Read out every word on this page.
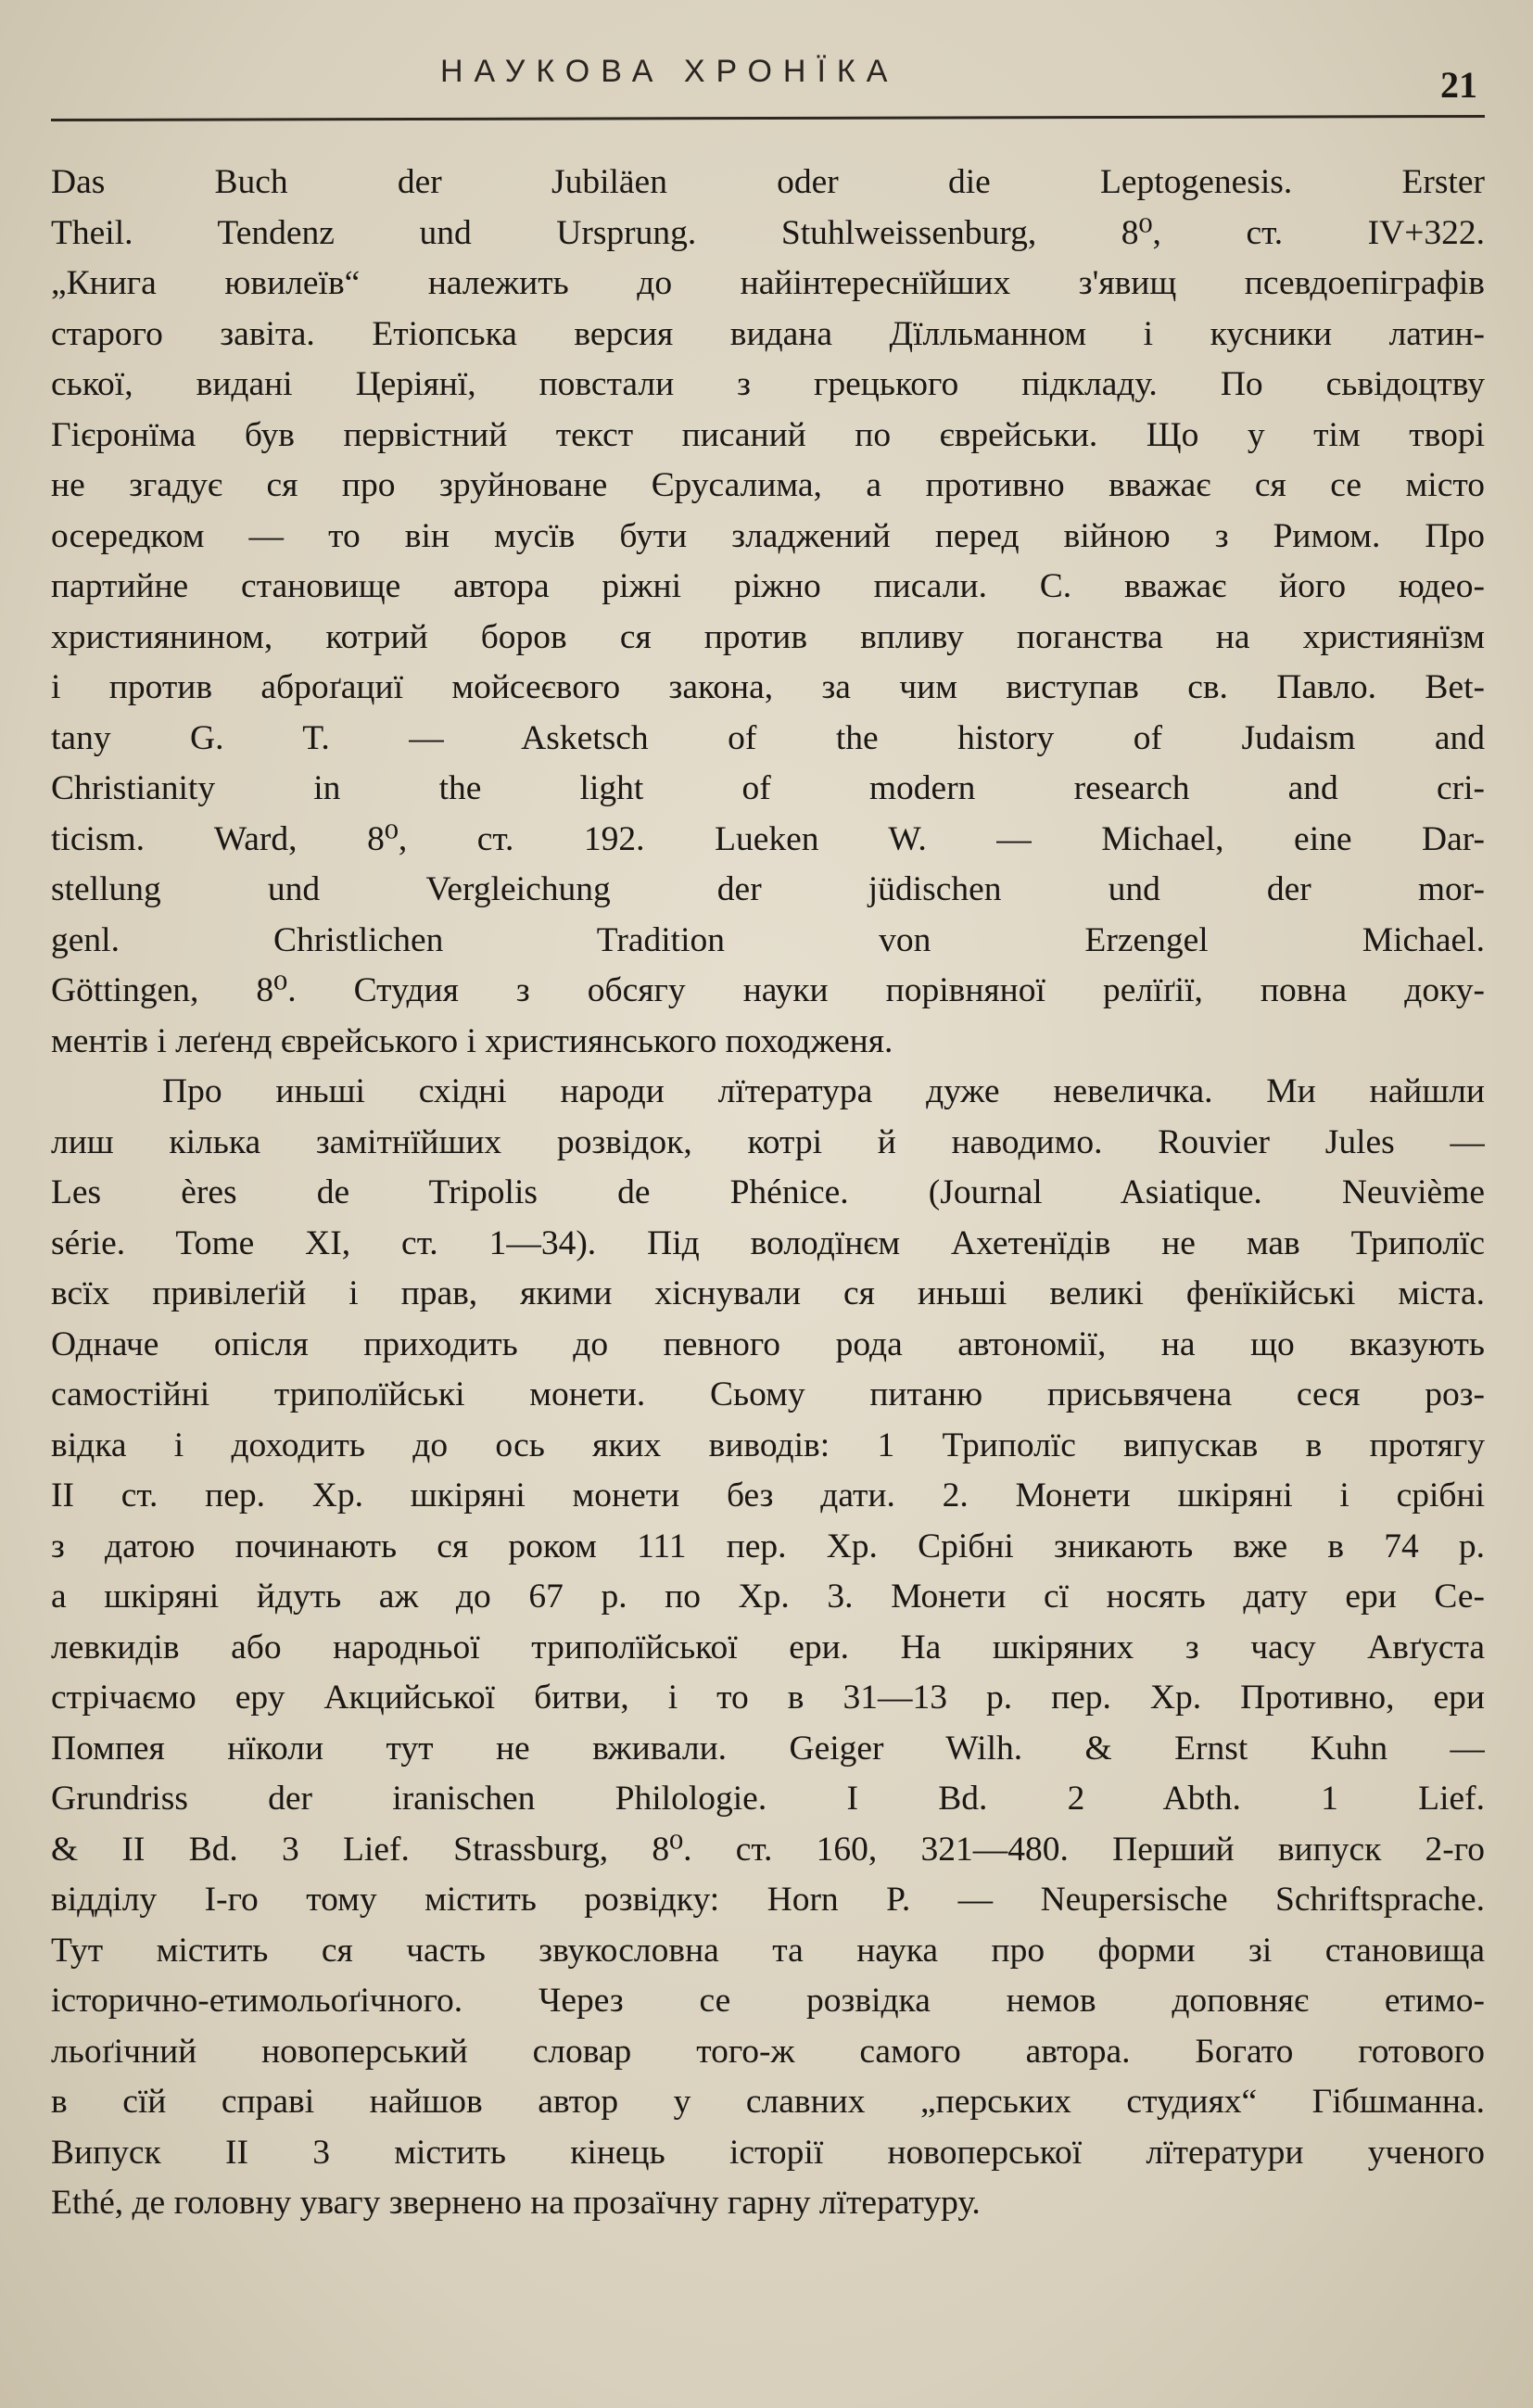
НАУКОВА ХРОНЇКА	21
Das Buch der Jubiläen oder die Leptogenesis. Erster
Theil. Tendenz und Ursprung. Stuhlweissenburg, 8⁰, ст. IV+322.
„Книга ювилеїв“ належить до найінтереснїйших з'явищ псевдоепіграфів
старого завіта. Етіопська версия видана Дїлльманном і кусники латин-
ської, видані Церіянї, повстали з грецького підкладу. По сьвідоцтву
Гієронїма був первістний текст писаний по єврейськи. Що у тім творі
не згадує ся про зруйноване Єрусалима, а противно вважає ся се місто
осередком — то він мусїв бути зладжений перед війною з Римом. Про
партийне становище автора ріжні ріжно писали. С. вважає його юдео-
християнином, котрий боров ся против впливу поганства на християнїзм
і против аброґациї мойсеєвого закона, за чим виступав св. Павло. Bet-
tany G. T. — Asketsch of the history of Judaism and
Christianity in the light of modern research and cri-
ticism. Ward, 8⁰, ст. 192. Lueken W. — Michael, eine Dar-
stellung und Vergleichung der jüdischen und der mor-
genl. Christlichen Tradition von Erzengel Michael.
Göttingen, 8⁰. Студия з обсягу науки порівняної релїґії, повна доку-
ментів і леґенд єврейського і християнського походженя.
Про иньші східні народи лїтература дуже невеличка. Ми найшли
лиш кілька замітнїйших розвідок, котрі й наводимо. Rouvier Jules —
Les ères de Tripolis de Phénice. (Journal Asiatique. Neuvième
série. Tome XI, ст. 1—34). Під володїнєм Ахетенїдів не мав Триполїс
всїх привілеґій і прав, якими хіснували ся иньші великі фенїкійські міста.
Одначе опісля приходить до певного рода автономії, на що вказують
самостійні триполїйські монети. Сьому питаню присьвячена сеся роз-
відка і доходить до ось яких виводів: 1 Триполїс випускав в протягу
II ст. пер. Хр. шкіряні монети без дати. 2. Монети шкіряні і срібні
з датою починають ся роком 111 пер. Хр. Срібні зникають вже в 74 р.
а шкіряні йдуть аж до 67 р. по Хр. 3. Монети сї носять дату ери Се-
левкидів або народньої триполїйської ери. На шкіряних з часу Авґуста
стрічаємо еру Акцийської битви, і то в 31—13 р. пер. Хр. Противно, ери
Помпея нїколи тут не вживали. Geiger Wilh. & Ernst Kuhn —
Grundriss der iranischen Philologie. I Bd. 2 Abth. 1 Lief.
& II Bd. 3 Lief. Strassburg, 8⁰. ст. 160, 321—480. Перший випуск 2-го
відділу I-го тому містить розвідку: Horn P. — Neupersische Schriftsprache.
Тут містить ся часть звукословна та наука про форми зі становища
історично-етимольоґічного. Через се розвідка немов доповняє етимо-
льоґічний новоперський словар того-ж самого автора. Богато готового
в сїй справі найшов автор у славних „перських студиях“ Гібшманна.
Випуск II 3 містить кінець історії новоперської лїтератури ученого
Ethé, де головну увагу звернено на прозаїчну гарну лїтературу.
